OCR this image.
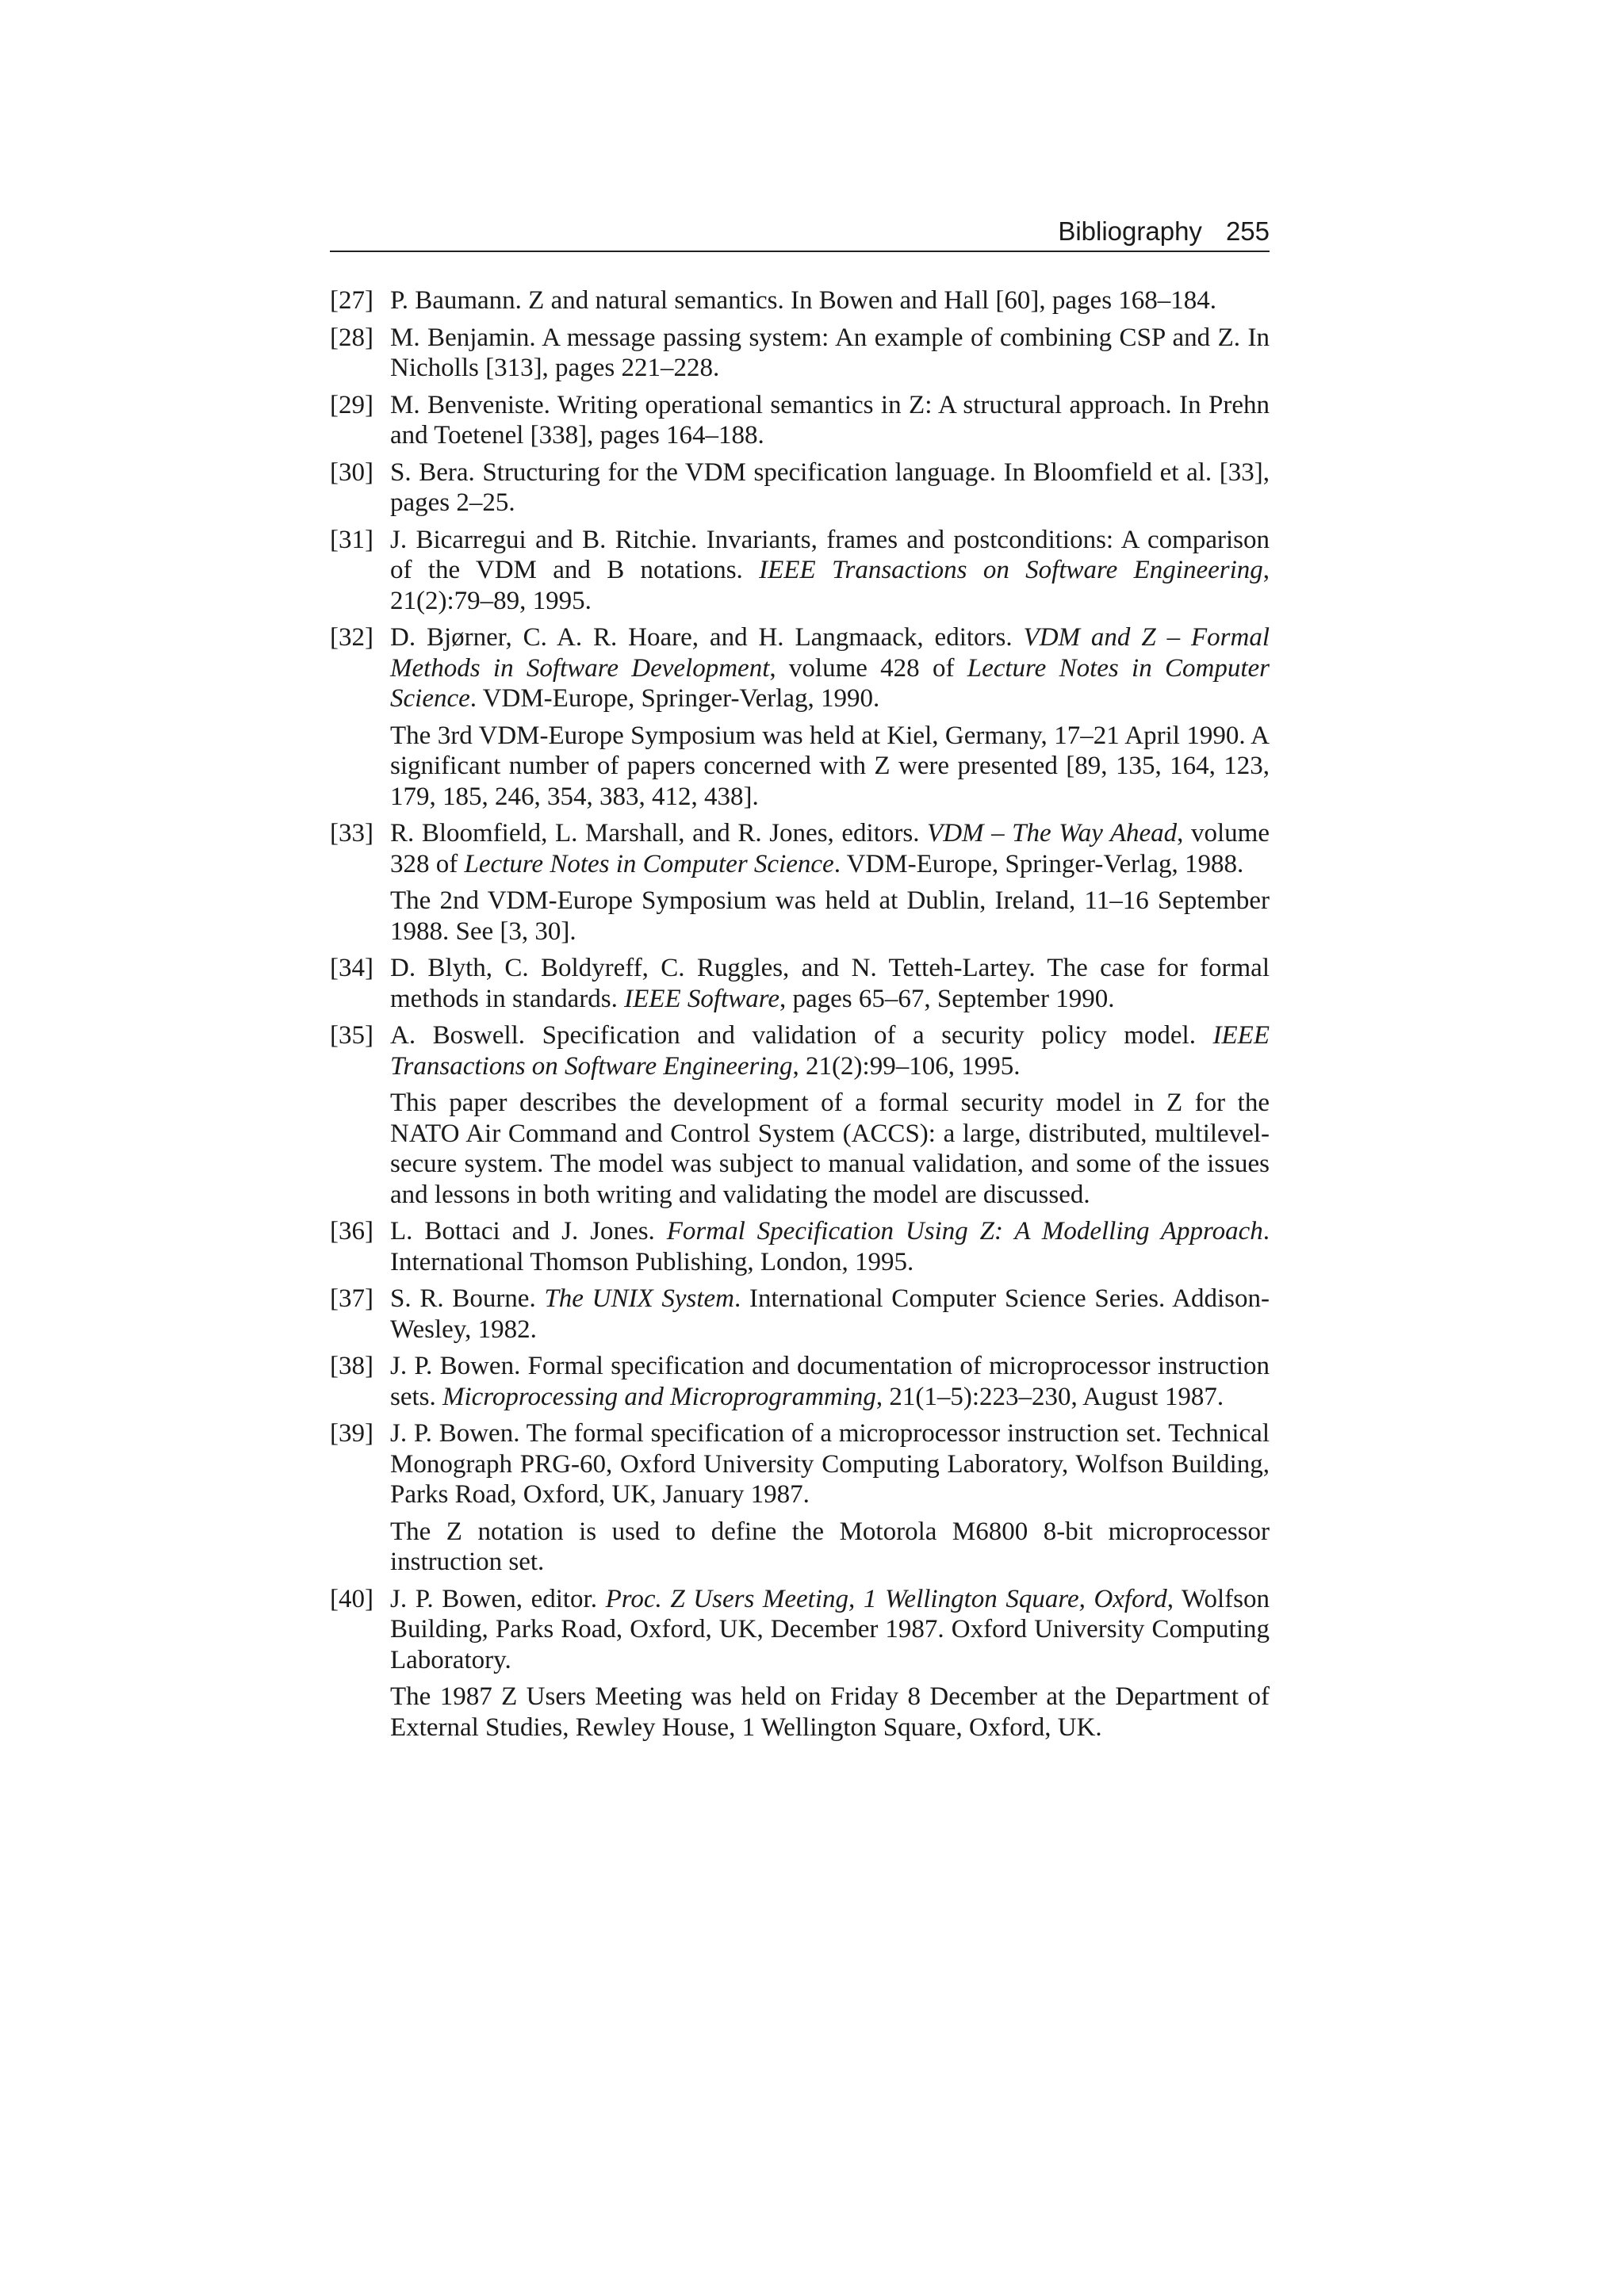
Bibliography 255
[27] P. Baumann. Z and natural semantics. In Bowen and Hall [60], pages 168–184.

[28] M. Benjamin. A message passing system: An example of combining CSP and Z. In Nicholls [313], pages 221–228.

[29] M. Benveniste. Writing operational semantics in Z: A structural approach. In Prehn and Toetenel [338], pages 164–188.

[30] S. Bera. Structuring for the VDM specification language. In Bloomfield et al. [33], pages 2–25.

[31] J. Bicarregui and B. Ritchie. Invariants, frames and postconditions: A comparison of the VDM and B notations. IEEE Transactions on Software Engineering, 21(2):79–89, 1995.

[32] D. Bjørner, C. A. R. Hoare, and H. Langmaack, editors. VDM and Z – Formal Methods in Software Development, volume 428 of Lecture Notes in Computer Science. VDM-Europe, Springer-Verlag, 1990.

The 3rd VDM-Europe Symposium was held at Kiel, Germany, 17–21 April 1990. A significant number of papers concerned with Z were presented [89, 135, 164, 123, 179, 185, 246, 354, 383, 412, 438].

[33] R. Bloomfield, L. Marshall, and R. Jones, editors. VDM – The Way Ahead, volume 328 of Lecture Notes in Computer Science. VDM-Europe, Springer-Verlag, 1988.

The 2nd VDM-Europe Symposium was held at Dublin, Ireland, 11–16 September 1988. See [3, 30].

[34] D. Blyth, C. Boldyreff, C. Ruggles, and N. Tetteh-Lartey. The case for formal methods in standards. IEEE Software, pages 65–67, September 1990.

[35] A. Boswell. Specification and validation of a security policy model. IEEE Transactions on Software Engineering, 21(2):99–106, 1995.

This paper describes the development of a formal security model in Z for the NATO Air Command and Control System (ACCS): a large, distributed, multilevel-secure system. The model was subject to manual validation, and some of the issues and lessons in both writing and validating the model are discussed.

[36] L. Bottaci and J. Jones. Formal Specification Using Z: A Modelling Approach. International Thomson Publishing, London, 1995.

[37] S. R. Bourne. The UNIX System. International Computer Science Series. Addison-Wesley, 1982.

[38] J. P. Bowen. Formal specification and documentation of microprocessor instruction sets. Microprocessing and Microprogramming, 21(1–5):223–230, August 1987.

[39] J. P. Bowen. The formal specification of a microprocessor instruction set. Technical Monograph PRG-60, Oxford University Computing Laboratory, Wolfson Building, Parks Road, Oxford, UK, January 1987.

The Z notation is used to define the Motorola M6800 8-bit microprocessor instruction set.

[40] J. P. Bowen, editor. Proc. Z Users Meeting, 1 Wellington Square, Oxford, Wolfson Building, Parks Road, Oxford, UK, December 1987. Oxford University Computing Laboratory.

The 1987 Z Users Meeting was held on Friday 8 December at the Department of External Studies, Rewley House, 1 Wellington Square, Oxford, UK.
